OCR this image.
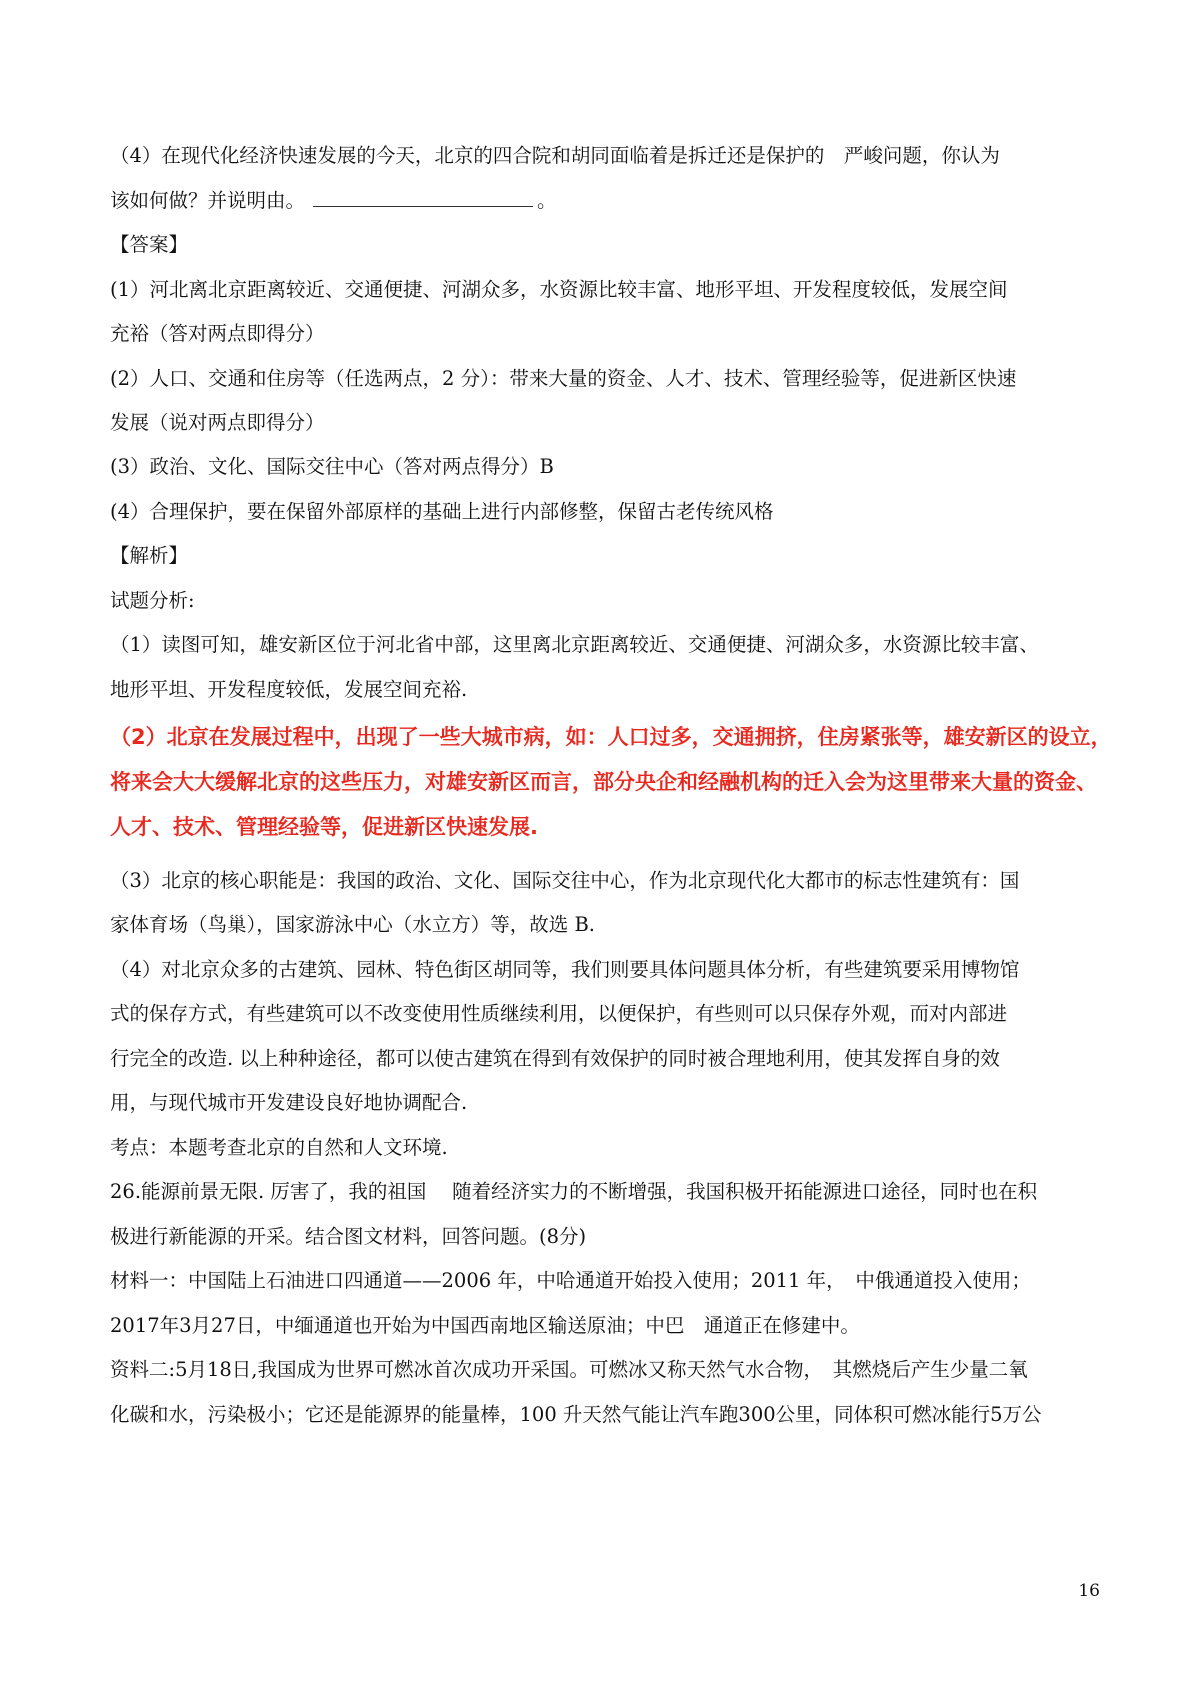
（4）在现代化经济快速发展的今天，北京的四合院和胡同面临着是拆迁还是保护的　严峻问题，你认为
该如何做？并说明由。	。
【答案】
(1）河北离北京距离较近、交通便捷、河湖众多，水资源比较丰富、地形平坦、开发程度较低，发展空间
充裕（答对两点即得分）
(2）人口、交通和住房等（任选两点，2 分）：带来大量的资金、人才、技术、管理经验等，促进新区快速
发展（说对两点即得分）
(3）政治、文化、国际交往中心（答对两点得分）B
(4）合理保护，要在保留外部原样的基础上进行内部修整，保留古老传统风格
【解析】
试题分析:
（1）读图可知，雄安新区位于河北省中部，这里离北京距离较近、交通便捷、河湖众多，水资源比较丰富、
地形平坦、开发程度较低，发展空间充裕.
（2）北京在发展过程中，出现了一些大城市病，如：人口过多，交通拥挤，住房紧张等，雄安新区的设立，
将来会大大缓解北京的这些压力，对雄安新区而言，部分央企和经融机构的迁入会为这里带来大量的资金、
人才、技术、管理经验等，促进新区快速发展.
（3）北京的核心职能是：我国的政治、文化、国际交往中心，作为北京现代化大都市的标志性建筑有：国
家体育场（鸟巢），国家游泳中心（水立方）等，故选 B.
（4）对北京众多的古建筑、园林、特色街区胡同等，我们则要具体问题具体分析，有些建筑要采用博物馆
式的保存方式，有些建筑可以不改变使用性质继续利用，以便保护，有些则可以只保存外观，而对内部进
行完全的改造. 以上种种途径，都可以使古建筑在得到有效保护的同时被合理地利用，使其发挥自身的效
用，与现代城市开发建设良好地协调配合.
考点：本题考查北京的自然和人文环境.
26.能源前景无限. 厉害了，我的祖国　 随着经济实力的不断增强，我国积极开拓能源进口途径，同时也在积
极进行新能源的开采。结合图文材料，回答问题。(8分)
材料一：中国陆上石油进口四通道——2006 年，中哈通道开始投入使用；2011 年，　中俄通道投入使用；
2017年3月27日，中缅通道也开始为中国西南地区输送原油；中巴　通道正在修建中。
资料二:5月18日,我国成为世界可燃冰首次成功开采国。可燃冰又称天然气水合物，　其燃烧后产生少量二氧
化碳和水，污染极小；它还是能源界的能量棒，100 升天然气能让汽车跑300公里，同体积可燃冰能行5万公
16
